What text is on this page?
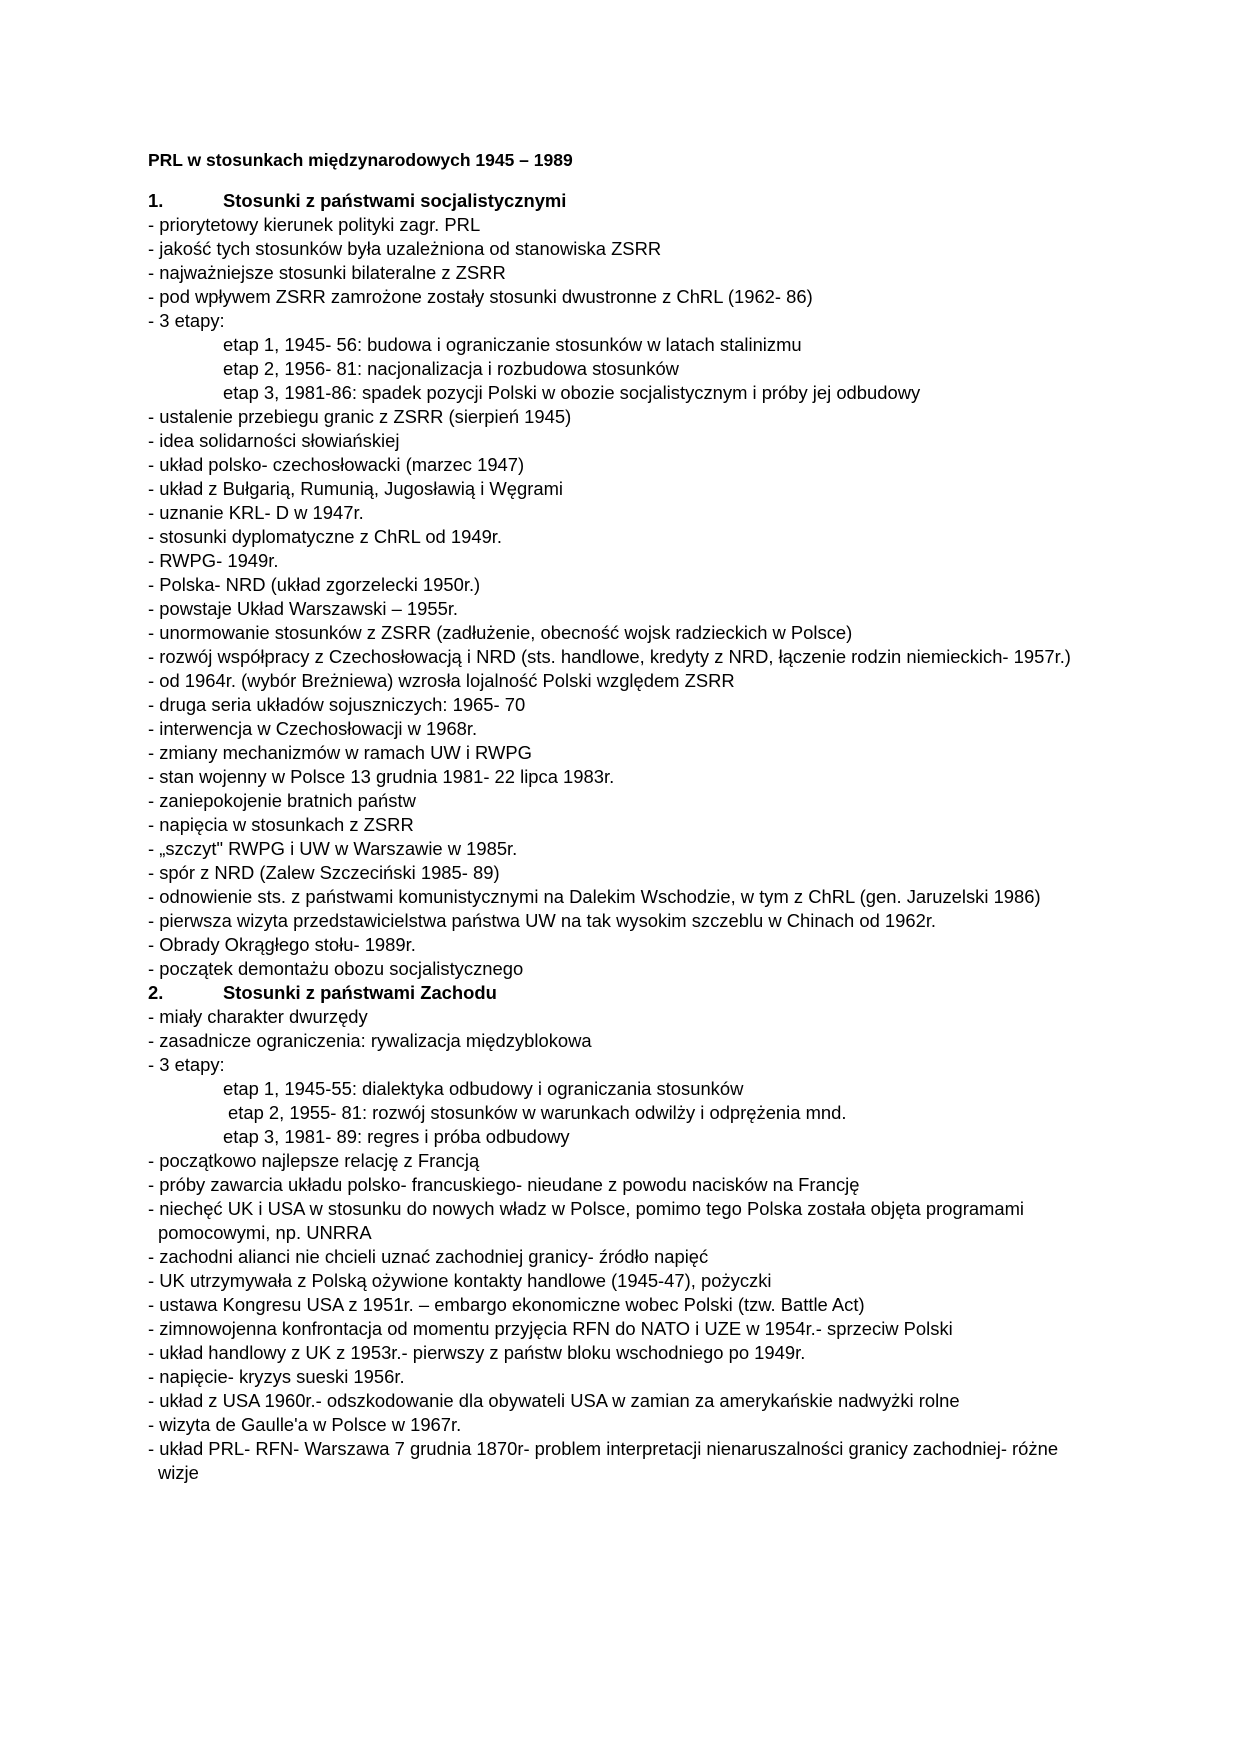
PRL w stosunkach międzynarodowych 1945 – 1989
1.	Stosunki z państwami socjalistycznymi
- priorytetowy kierunek polityki zagr. PRL
- jakość tych stosunków była uzależniona od stanowiska ZSRR
- najważniejsze stosunki bilateralne z ZSRR
- pod wpływem ZSRR zamrożone zostały stosunki dwustronne z ChRL (1962- 86)
- 3 etapy:
etap 1, 1945- 56: budowa i ograniczanie stosunków w latach stalinizmu
etap 2, 1956- 81: nacjonalizacja i rozbudowa stosunków
etap 3, 1981-86: spadek pozycji Polski w obozie socjalistycznym i próby jej odbudowy
- ustalenie przebiegu granic z ZSRR (sierpień 1945)
- idea solidarności słowiańskiej
- układ polsko- czechosłowacki (marzec 1947)
- układ z Bułgarią, Rumunią, Jugosławią i Węgrami
- uznanie KRL- D w 1947r.
- stosunki dyplomatyczne z ChRL od 1949r.
- RWPG- 1949r.
- Polska- NRD (układ zgorzelecki 1950r.)
- powstaje Układ Warszawski – 1955r.
- unormowanie stosunków z ZSRR (zadłużenie, obecność wojsk radzieckich w Polsce)
- rozwój współpracy z Czechosłowacją i NRD (sts. handlowe, kredyty z NRD, łączenie rodzin niemieckich- 1957r.)
- od 1964r. (wybór Breżniewa) wzrosła lojalność Polski względem ZSRR
- druga seria układów sojuszniczych: 1965- 70
- interwencja w Czechosłowacji w 1968r.
- zmiany mechanizmów w ramach UW i RWPG
- stan wojenny w Polsce 13 grudnia 1981- 22 lipca 1983r.
- zaniepokojenie bratnich państw
- napięcia w stosunkach z ZSRR
- „szczyt" RWPG i UW w Warszawie w 1985r.
- spór z NRD (Zalew Szczeciński 1985- 89)
- odnowienie sts. z państwami komunistycznymi na Dalekim Wschodzie, w tym z ChRL (gen. Jaruzelski 1986)
- pierwsza wizyta przedstawicielstwa państwa UW na tak wysokim szczeblu w Chinach od 1962r.
- Obrady Okrągłego stołu- 1989r.
- początek demontażu obozu socjalistycznego
2.	Stosunki z państwami Zachodu
- miały charakter dwurzędy
- zasadnicze ograniczenia: rywalizacja międzyblokowa
- 3 etapy:
etap 1, 1945-55: dialektyka odbudowy i ograniczania stosunków
etap 2, 1955- 81: rozwój stosunków w warunkach odwilży i odprężenia mnd.
etap 3, 1981- 89: regres i próba odbudowy
- początkowo najlepsze relację z Francją
- próby zawarcia układu polsko- francuskiego- nieudane z powodu nacisków na Francję
- niechęć UK i USA w stosunku do nowych władz w Polsce, pomimo tego Polska została objęta programami
pomocowymi, np. UNRRA
- zachodni alianci nie chcieli uznać zachodniej granicy- źródło napięć
- UK utrzymywała z Polską ożywione kontakty handlowe (1945-47), pożyczki
- ustawa Kongresu USA z 1951r. – embargo ekonomiczne wobec Polski (tzw. Battle Act)
- zimnowojenna konfrontacja od momentu przyjęcia RFN do NATO i UZE w 1954r.- sprzeciw Polski
- układ handlowy z UK z 1953r.- pierwszy z państw bloku wschodniego po 1949r.
- napięcie- kryzys sueski 1956r.
- układ z USA 1960r.- odszkodowanie dla obywateli USA w zamian za amerykańskie nadwyżki rolne
- wizyta de Gaulle'a w Polsce w 1967r.
- układ PRL- RFN- Warszawa 7 grudnia 1870r- problem interpretacji nienaruszalności granicy zachodniej- różne
wizje
